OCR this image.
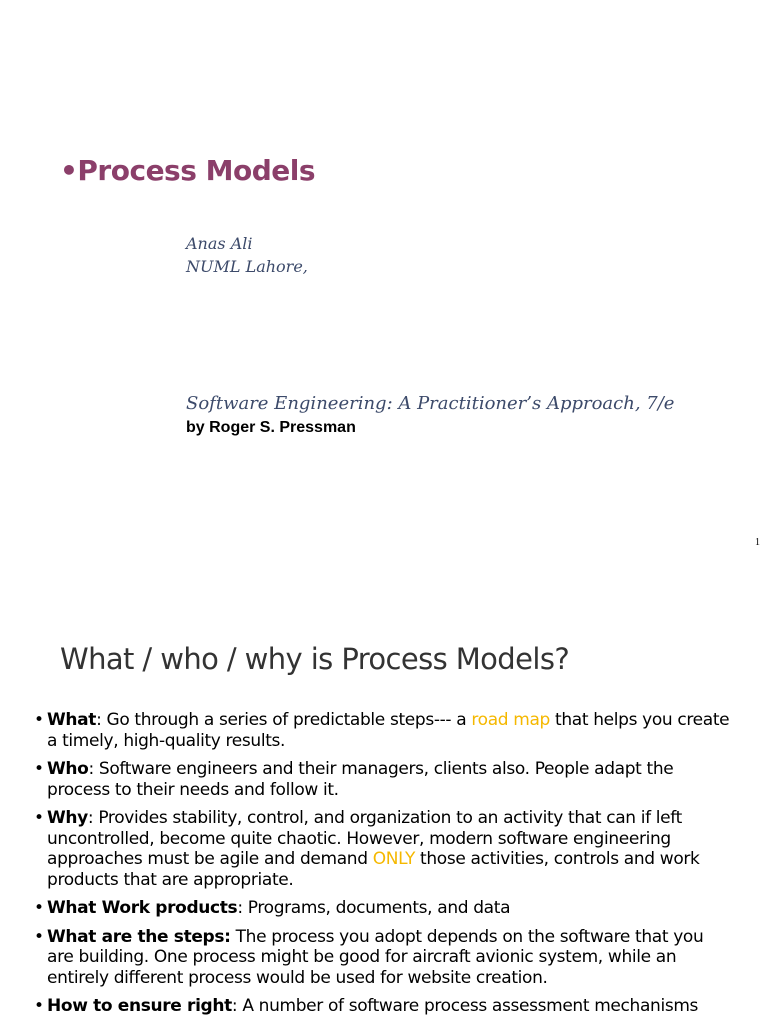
•Process Models
Anas Ali
NUML Lahore,
Software Engineering: A Practitioner’s Approach, 7/e
by Roger S. Pressman
1
What / who / why is Process Models?
• What: Go through a series of predictable steps--- a road map that helps you create a timely, high-quality results.
• Who: Software engineers and their managers, clients also. People adapt the process to their needs and follow it.
• Why: Provides stability, control, and organization to an activity that can if left uncontrolled, become quite chaotic. However, modern software engineering approaches must be agile and demand ONLY those activities, controls and work products that are appropriate.
• What Work products: Programs, documents, and data
• What are the steps: The process you adopt depends on the software that you are building. One process might be good for aircraft avionic system, while an entirely different process would be used for website creation.
• How to ensure right: A number of software process assessment mechanisms
